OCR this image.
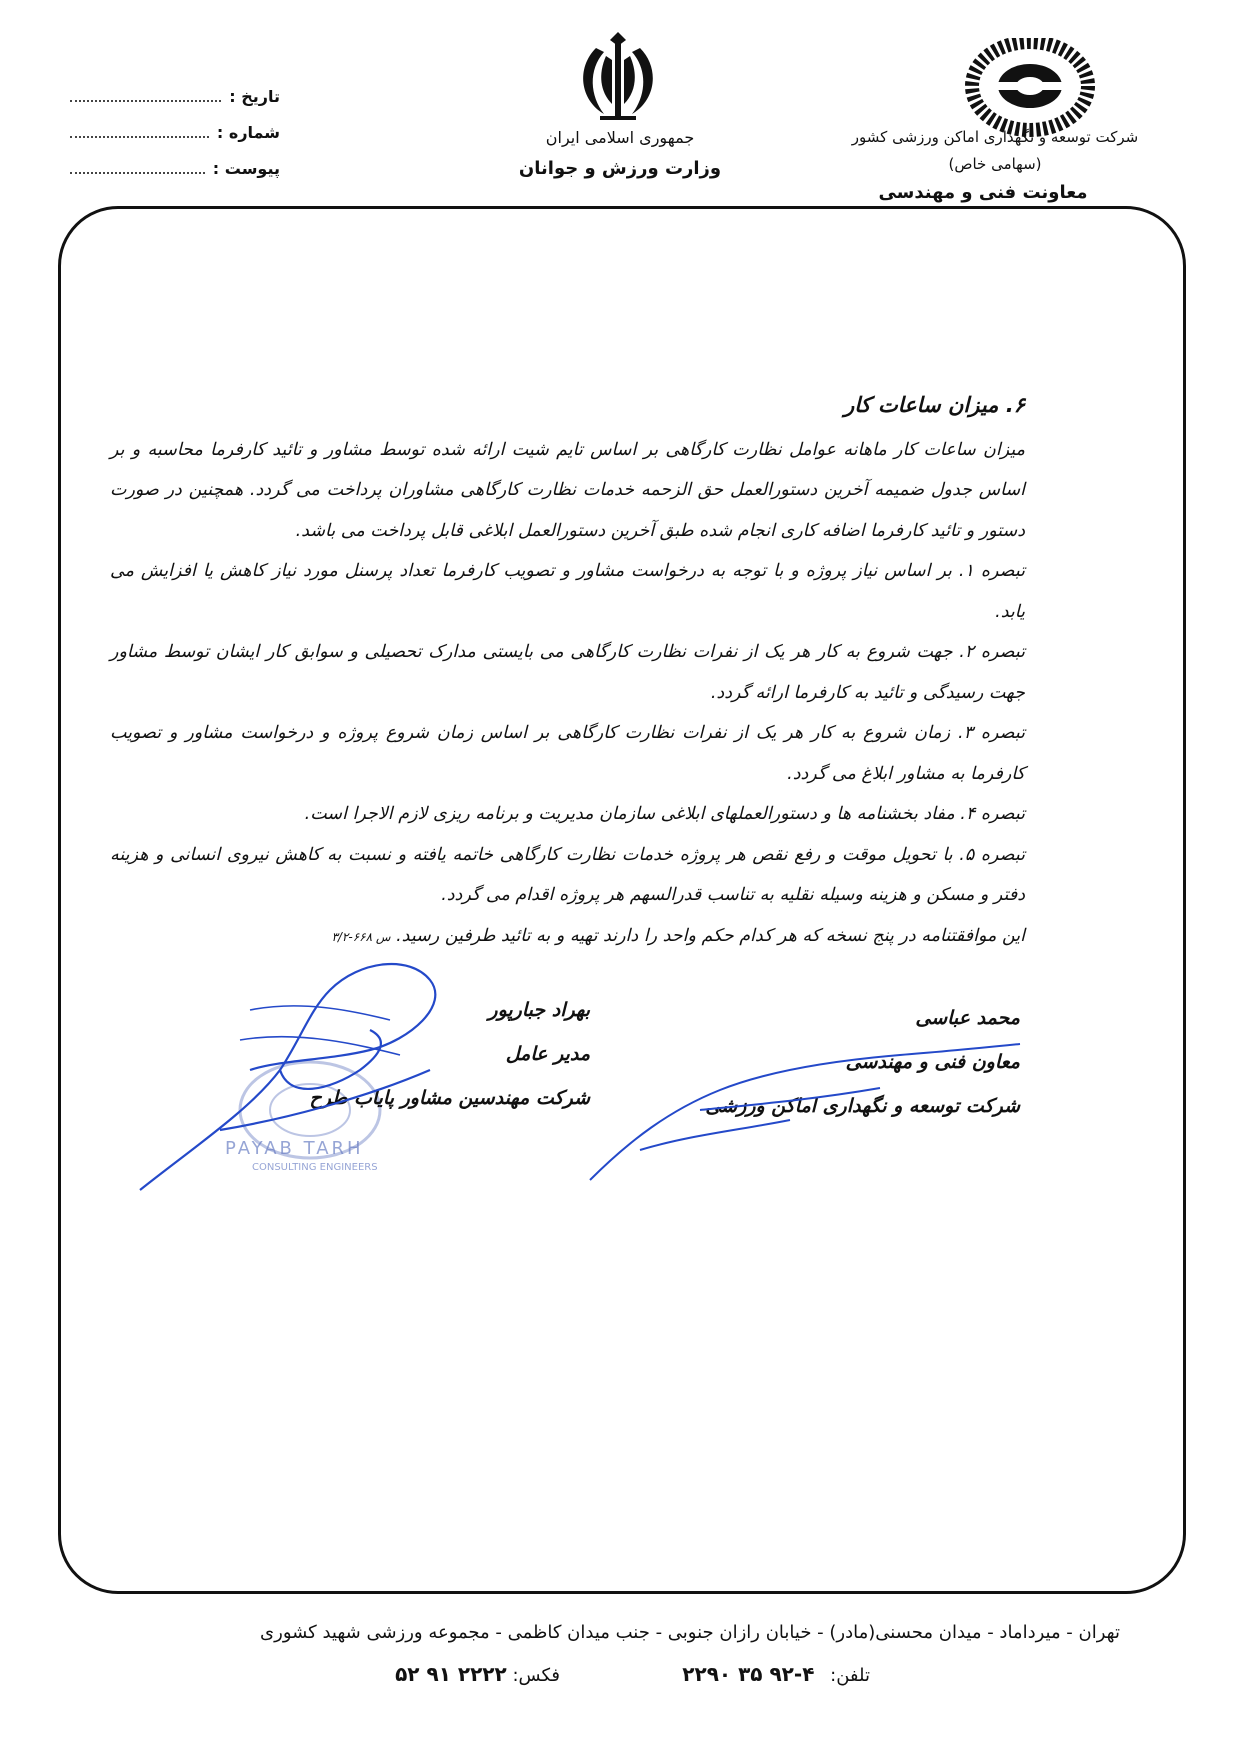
شرکت توسعه و نگهداری اماکن ورزشی کشور
(سهامی خاص)
معاونت فنی و مهندسی
جمهوری اسلامی ایران
وزارت ورزش و جوانان
تاریخ :
شماره :
پیوست :
۶. میزان ساعات کار

میزان ساعات کار ماهانه عوامل نظارت کارگاهی بر اساس تایم شیت ارائه شده توسط مشاور و تائید کارفرما محاسبه و بر اساس جدول ضمیمه آخرین دستورالعمل حق الزحمه خدمات نظارت کارگاهی مشاوران پرداخت می گردد. همچنین در صورت دستور و تائید کارفرما اضافه کاری انجام شده طبق آخرین دستورالعمل ابلاغی قابل پرداخت می باشد.

تبصره ۱. بر اساس نیاز پروژه و با توجه به درخواست مشاور و تصویب کارفرما تعداد پرسنل مورد نیاز کاهش یا افزایش می یابد.

تبصره ۲. جهت شروع به کار هر یک از نفرات نظارت کارگاهی می بایستی مدارک تحصیلی و سوابق کار ایشان توسط مشاور جهت رسیدگی و تائید به کارفرما ارائه گردد.

تبصره ۳. زمان شروع به کار هر یک از نفرات نظارت کارگاهی بر اساس زمان شروع پروژه و درخواست مشاور و تصویب کارفرما به مشاور ابلاغ می گردد.

تبصره ۴. مفاد بخشنامه ها و دستورالعملهای ابلاغی سازمان مدیریت و برنامه ریزی لازم الاجرا است.

تبصره ۵. با تحویل موقت و رفع نقص هر پروژه خدمات نظارت کارگاهی خاتمه یافته و نسبت به کاهش نیروی انسانی و هزینه دفتر و مسکن و هزینه وسیله نقلیه به تناسب قدرالسهم هر پروژه اقدام می گردد.

این موافقتنامه در پنج نسخه که هر کدام حکم واحد را دارند تهیه و به تائید طرفین رسید. س ۶۶۸-۳/۲

PAYAB TARH
CONSULTING ENGINEERS
محمد عباسی
معاون فنی و مهندسی
شرکت توسعه و نگهداری اماکن ورزشی
بهراد جبارپور
مدیر عامل
شرکت مهندسین مشاور پایاب طرح
تهران - میرداماد - میدان محسنی(مادر) - خیابان رازان جنوبی - جنب میدان کاظمی - مجموعه ورزشی شهید کشوری
تلفن: ۴-۹۲ ۳۵ ۲۲۹۰
فکس: ۲۲۲۲ ۹۱ ۵۲
